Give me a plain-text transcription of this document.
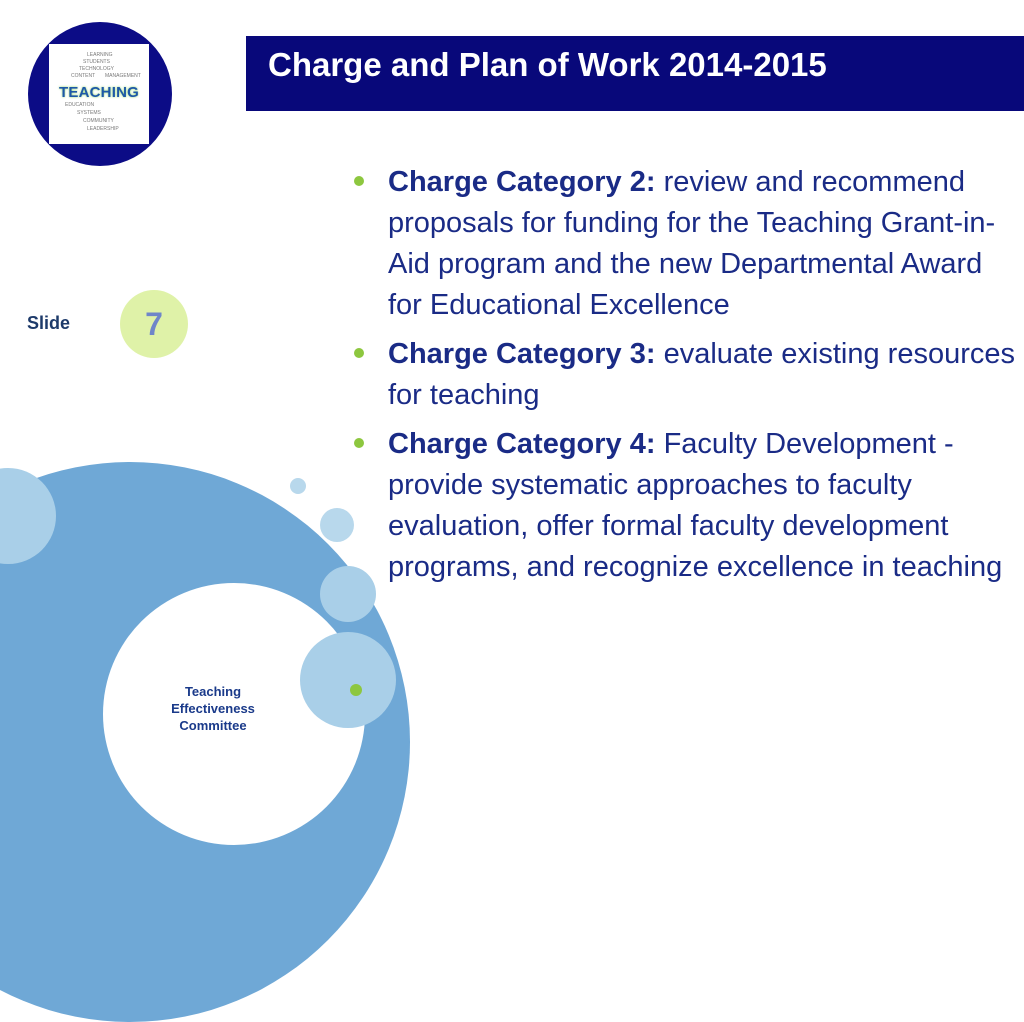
LEARNING
STUDENTS
TECHNOLOGY
CONTENT MANAGEMENT
EDUCATION
SYSTEMS
COMMUNITY
LEADERSHIP
TEACHING
Charge and Plan of Work 2014-2015
Slide	7
Charge Category 2: review and recommend proposals for funding for the Teaching Grant-in-Aid program and the new Departmental Award for Educational Excellence
Charge Category 3: evaluate existing resources for teaching
Charge Category 4: Faculty Development - provide systematic approaches to faculty evaluation, offer formal faculty development programs, and recognize excellence in teaching
Teaching
Effectiveness
Committee
